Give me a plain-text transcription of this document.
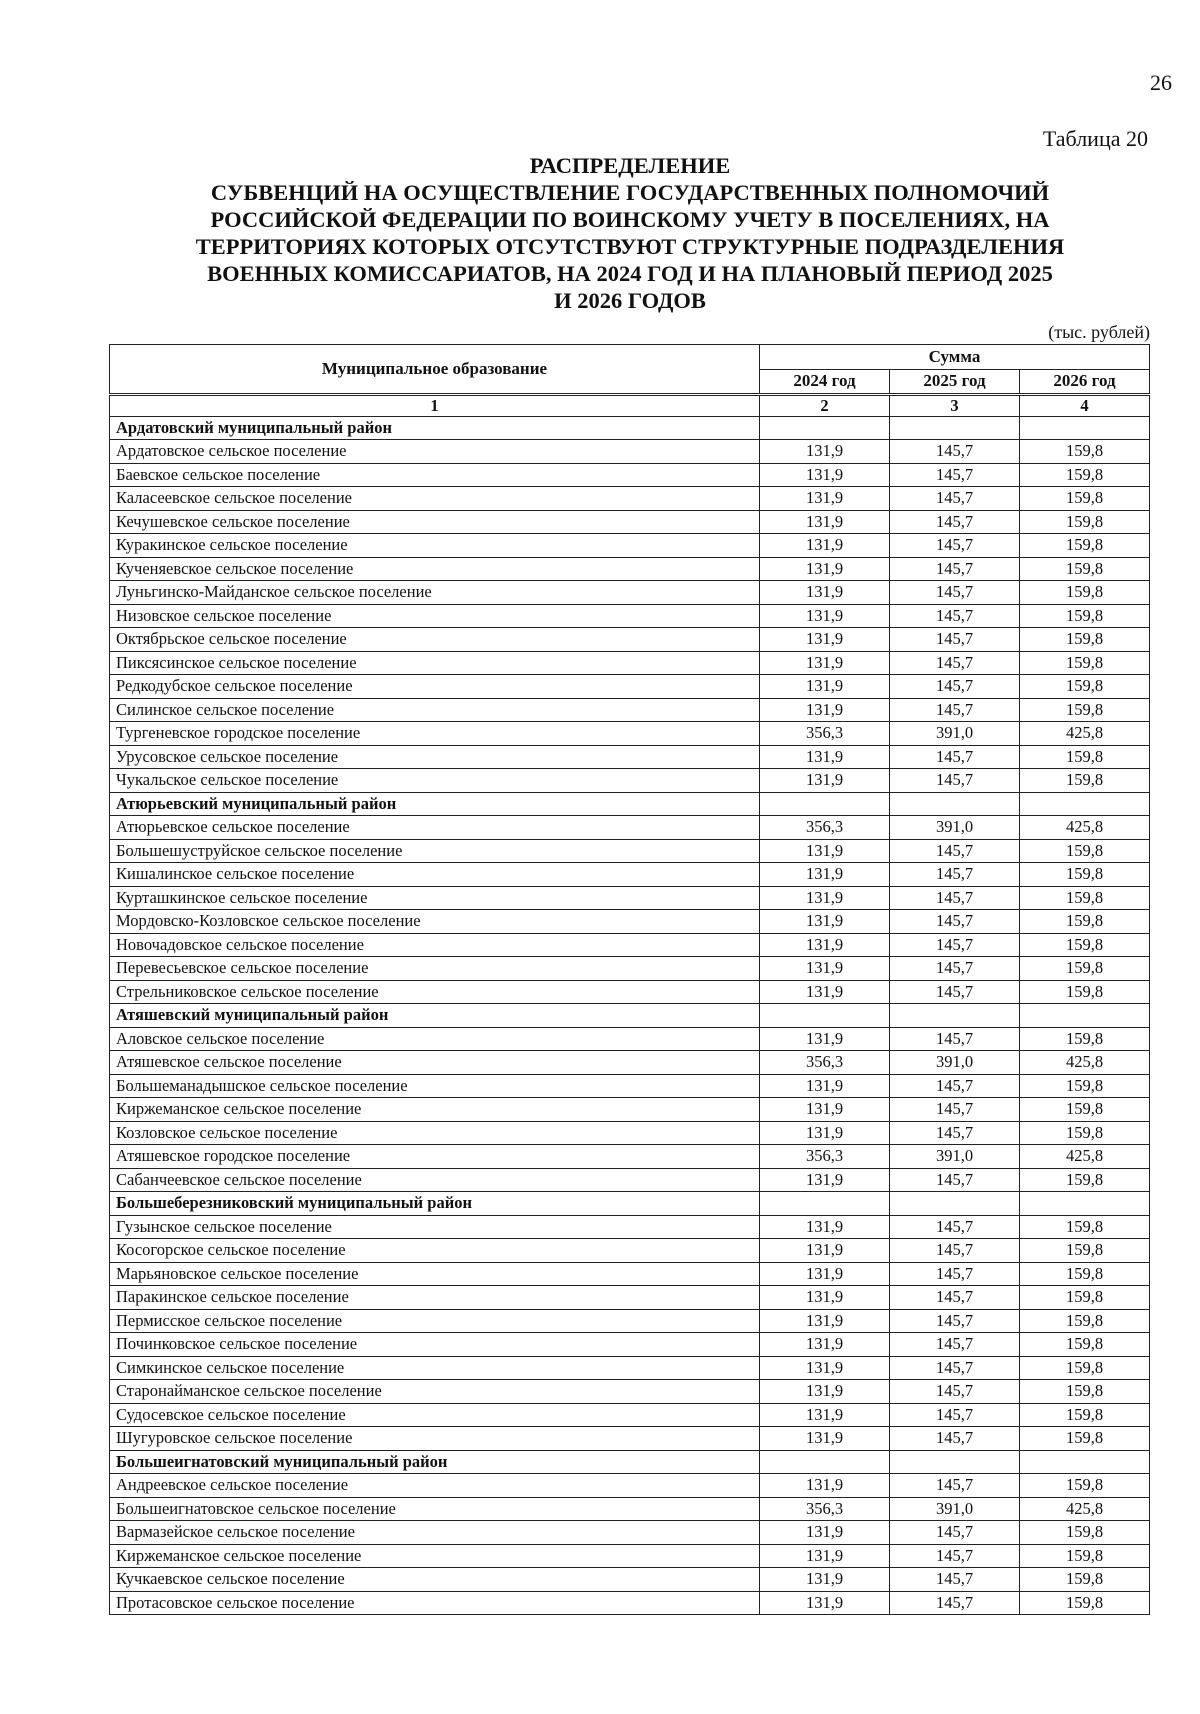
26
Таблица 20
РАСПРЕДЕЛЕНИЕ
СУБВЕНЦИЙ НА ОСУЩЕСТВЛЕНИЕ ГОСУДАРСТВЕННЫХ ПОЛНОМОЧИЙ
РОССИЙСКОЙ ФЕДЕРАЦИИ ПО ВОИНСКОМУ УЧЕТУ В ПОСЕЛЕНИЯХ, НА
ТЕРРИТОРИЯХ КОТОРЫХ ОТСУТСТВУЮТ СТРУКТУРНЫЕ ПОДРАЗДЕЛЕНИЯ
ВОЕННЫХ КОМИССАРИАТОВ, НА 2024 ГОД И НА ПЛАНОВЫЙ ПЕРИОД 2025
И 2026 ГОДОВ
(тыс. рублей)
Муниципальное образование	Сумма		
	2024 год	2025 год	2026 год
1	2	3	4
Ардатовский муниципальный район			
Ардатовское сельское поселение	131,9	145,7	159,8
Баевское сельское поселение	131,9	145,7	159,8
Каласеевское сельское поселение	131,9	145,7	159,8
Кечушевское сельское поселение	131,9	145,7	159,8
Куракинское сельское поселение	131,9	145,7	159,8
Кученяевское сельское поселение	131,9	145,7	159,8
Луньгинско-Майданское сельское поселение	131,9	145,7	159,8
Низовское сельское поселение	131,9	145,7	159,8
Октябрьское сельское поселение	131,9	145,7	159,8
Пиксясинское сельское поселение	131,9	145,7	159,8
Редкодубское сельское поселение	131,9	145,7	159,8
Силинское сельское поселение	131,9	145,7	159,8
Тургеневское городское поселение	356,3	391,0	425,8
Урусовское сельское поселение	131,9	145,7	159,8
Чукальское сельское поселение	131,9	145,7	159,8
Атюрьевский муниципальный район			
Атюрьевское сельское поселение	356,3	391,0	425,8
Большешуструйское сельское поселение	131,9	145,7	159,8
Кишалинское сельское поселение	131,9	145,7	159,8
Курташкинское сельское поселение	131,9	145,7	159,8
Мордовско-Козловское сельское поселение	131,9	145,7	159,8
Новочадовское сельское поселение	131,9	145,7	159,8
Перевесьевское сельское поселение	131,9	145,7	159,8
Стрельниковское сельское поселение	131,9	145,7	159,8
Атяшевский муниципальный район			
Аловское сельское поселение	131,9	145,7	159,8
Атяшевское сельское поселение	356,3	391,0	425,8
Большеманадышское сельское поселение	131,9	145,7	159,8
Киржеманское сельское поселение	131,9	145,7	159,8
Козловское сельское поселение	131,9	145,7	159,8
Атяшевское городское поселение	356,3	391,0	425,8
Сабанчеевское сельское поселение	131,9	145,7	159,8
Большеберезниковский муниципальный район			
Гузынское сельское поселение	131,9	145,7	159,8
Косогорское сельское поселение	131,9	145,7	159,8
Марьяновское сельское поселение	131,9	145,7	159,8
Паракинское сельское поселение	131,9	145,7	159,8
Пермисское сельское поселение	131,9	145,7	159,8
Починковское сельское поселение	131,9	145,7	159,8
Симкинское сельское поселение	131,9	145,7	159,8
Старонайманское сельское поселение	131,9	145,7	159,8
Судосевское сельское поселение	131,9	145,7	159,8
Шугуровское сельское поселение	131,9	145,7	159,8
Большеигнатовский муниципальный район			
Андреевское сельское поселение	131,9	145,7	159,8
Большеигнатовское сельское поселение	356,3	391,0	425,8
Вармазейское сельское поселение	131,9	145,7	159,8
Киржеманское сельское поселение	131,9	145,7	159,8
Кучкаевское сельское поселение	131,9	145,7	159,8
Протасовское сельское поселение	131,9	145,7	159,8
